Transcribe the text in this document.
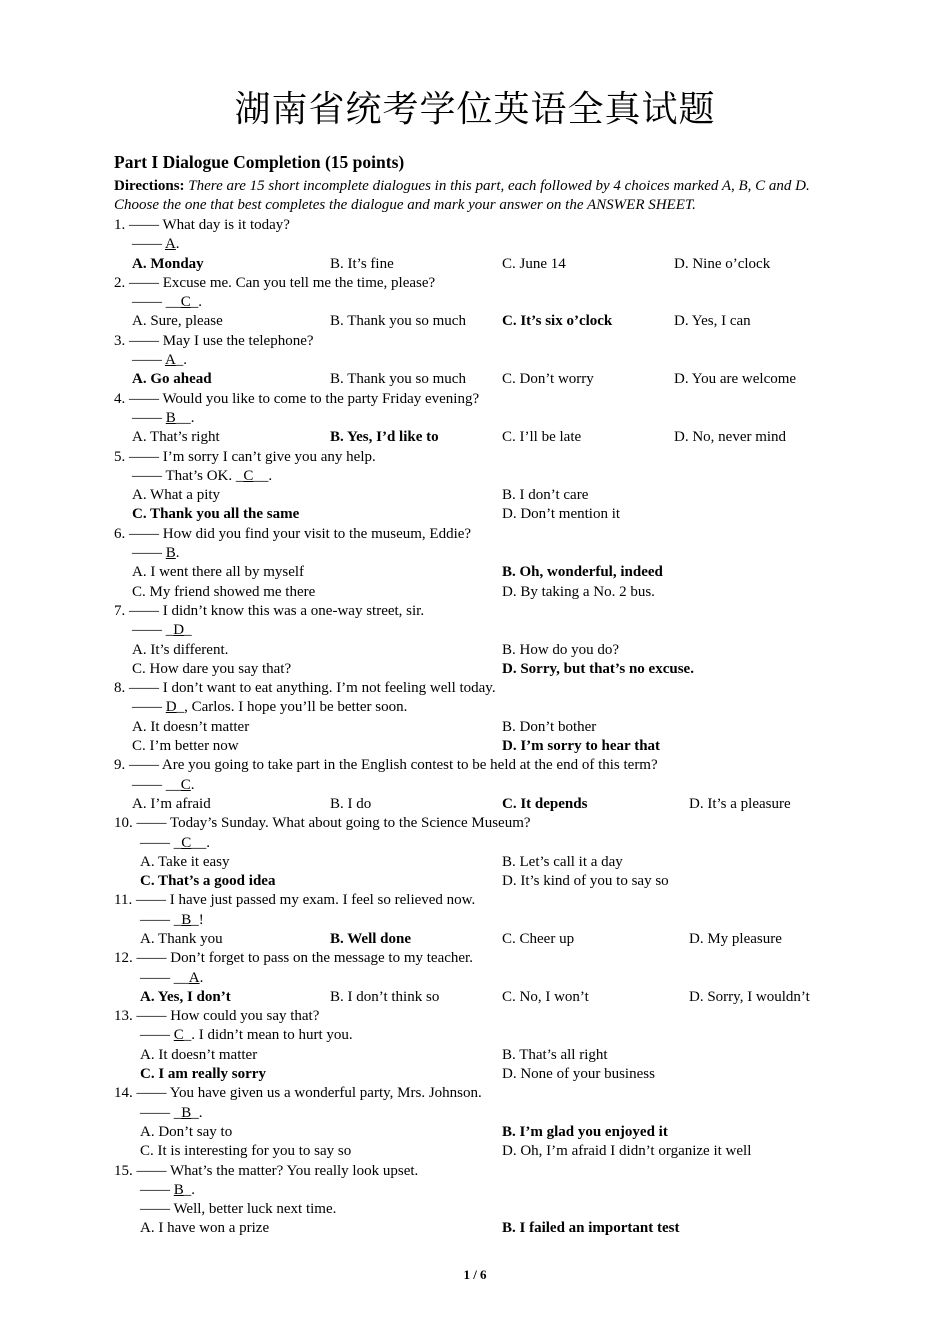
湖南省统考学位英语全真试题
Part I Dialogue Completion (15 points)
Directions: There are 15 short incomplete dialogues in this part, each followed by 4 choices marked A, B, C and D. Choose the one that best completes the dialogue and mark your answer on the ANSWER SHEET.
1. —— What day is it today?
—— A.
A. Monday	B. It’s fine	C. June 14	D. Nine o’clock
2. —— Excuse me. Can you tell me the time, please?
—— __C_.
A. Sure, please	B. Thank you so much C. It’s six o’clock	D. Yes, I can
3. —— May I use the telephone?
—— A_.
A. Go ahead	B. Thank you so much C. Don’t worry	D. You are welcome
4. —— Would you like to come to the party Friday evening?
—— B__.
A. That’s right	B. Yes, I’d like to	C. I’ll be late	D. No, never mind
5. —— I’m sorry I can’t give you any help.
—— That’s OK. _C__.
A. What a pity	B. I don’t care
C. Thank you all the same	D. Don’t mention it
6. —— How did you find your visit to the museum, Eddie?
—— B.
A. I went there all by myself	B. Oh, wonderful, indeed
C. My friend showed me there	D. By taking a No. 2 bus.
7. —— I didn’t know this was a one-way street, sir.
—— _D_
A. It’s different.	B. How do you do?
C. How dare you say that?	D. Sorry, but that’s no excuse.
8. —— I don’t want to eat anything. I’m not feeling well today.
—— D_, Carlos. I hope you’ll be better soon.
A. It doesn’t matter	B. Don’t bother
C. I’m better now	D. I’m sorry to hear that
9. —— Are you going to take part in the English contest to be held at the end of this term?
—— __C.
A. I’m afraid	B. I do	C. It depends	D. It’s a pleasure
10. —— Today’s Sunday. What about going to the Science Museum?
—— _C__.
A. Take it easy	B. Let’s call it a day
C. That’s a good idea	D. It’s kind of you to say so
11. —— I have just passed my exam. I feel so relieved now.
—— _B_!
A. Thank you	B. Well done	C. Cheer up	D. My pleasure
12. —— Don’t forget to pass on the message to my teacher.
—— __A.
A. Yes, I don’t	B. I don’t think so	C. No, I won’t	D. Sorry, I wouldn’t
13. —— How could you say that?
—— C_. I didn’t mean to hurt you.
A. It doesn’t matter	B. That’s all right
C. I am really sorry	D. None of your business
14. —— You have given us a wonderful party, Mrs. Johnson.
—— _B_.
A. Don’t say to	B. I’m glad you enjoyed it
C. It is interesting for you to say so	D. Oh, I’m afraid I didn’t organize it well
15. —— What’s the matter? You really look upset.
—— B_.
—— Well, better luck next time.
A. I have won a prize	B. I failed an important test
1 / 6
